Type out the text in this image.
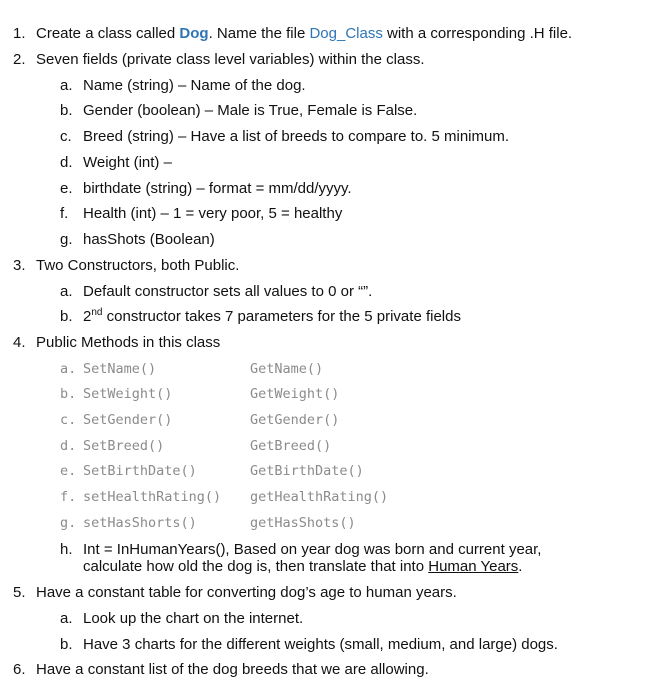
1. Create a class called Dog. Name the file Dog_Class with a corresponding .H file.
2. Seven fields (private class level variables) within the class.
a. Name (string) – Name of the dog.
b. Gender (boolean) – Male is True, Female is False.
c. Breed (string) – Have a list of breeds to compare to. 5 minimum.
d. Weight (int) –
e. birthdate (string) – format = mm/dd/yyyy.
f. Health (int) – 1 = very poor, 5 = healthy
g. hasShots (Boolean)
3. Two Constructors, both Public.
a. Default constructor sets all values to 0 or “”.
b. 2nd constructor takes 7 parameters for the 5 private fields
4. Public Methods in this class
a. SetName()	GetName()
b. SetWeight()	GetWeight()
c. SetGender()	GetGender()
d. SetBreed()	GetBreed()
e. SetBirthDate()	GetBirthDate()
f. setHealthRating() getHealthRating()
g. setHasShorts()	getHasShots()
h. Int = InHumanYears(), Based on year dog was born and current year,
calculate how old the dog is, then translate that into Human Years.
5. Have a constant table for converting dog’s age to human years.
a. Look up the chart on the internet.
b. Have 3 charts for the different weights (small, medium, and large) dogs.
6. Have a constant list of the dog breeds that we are allowing.
